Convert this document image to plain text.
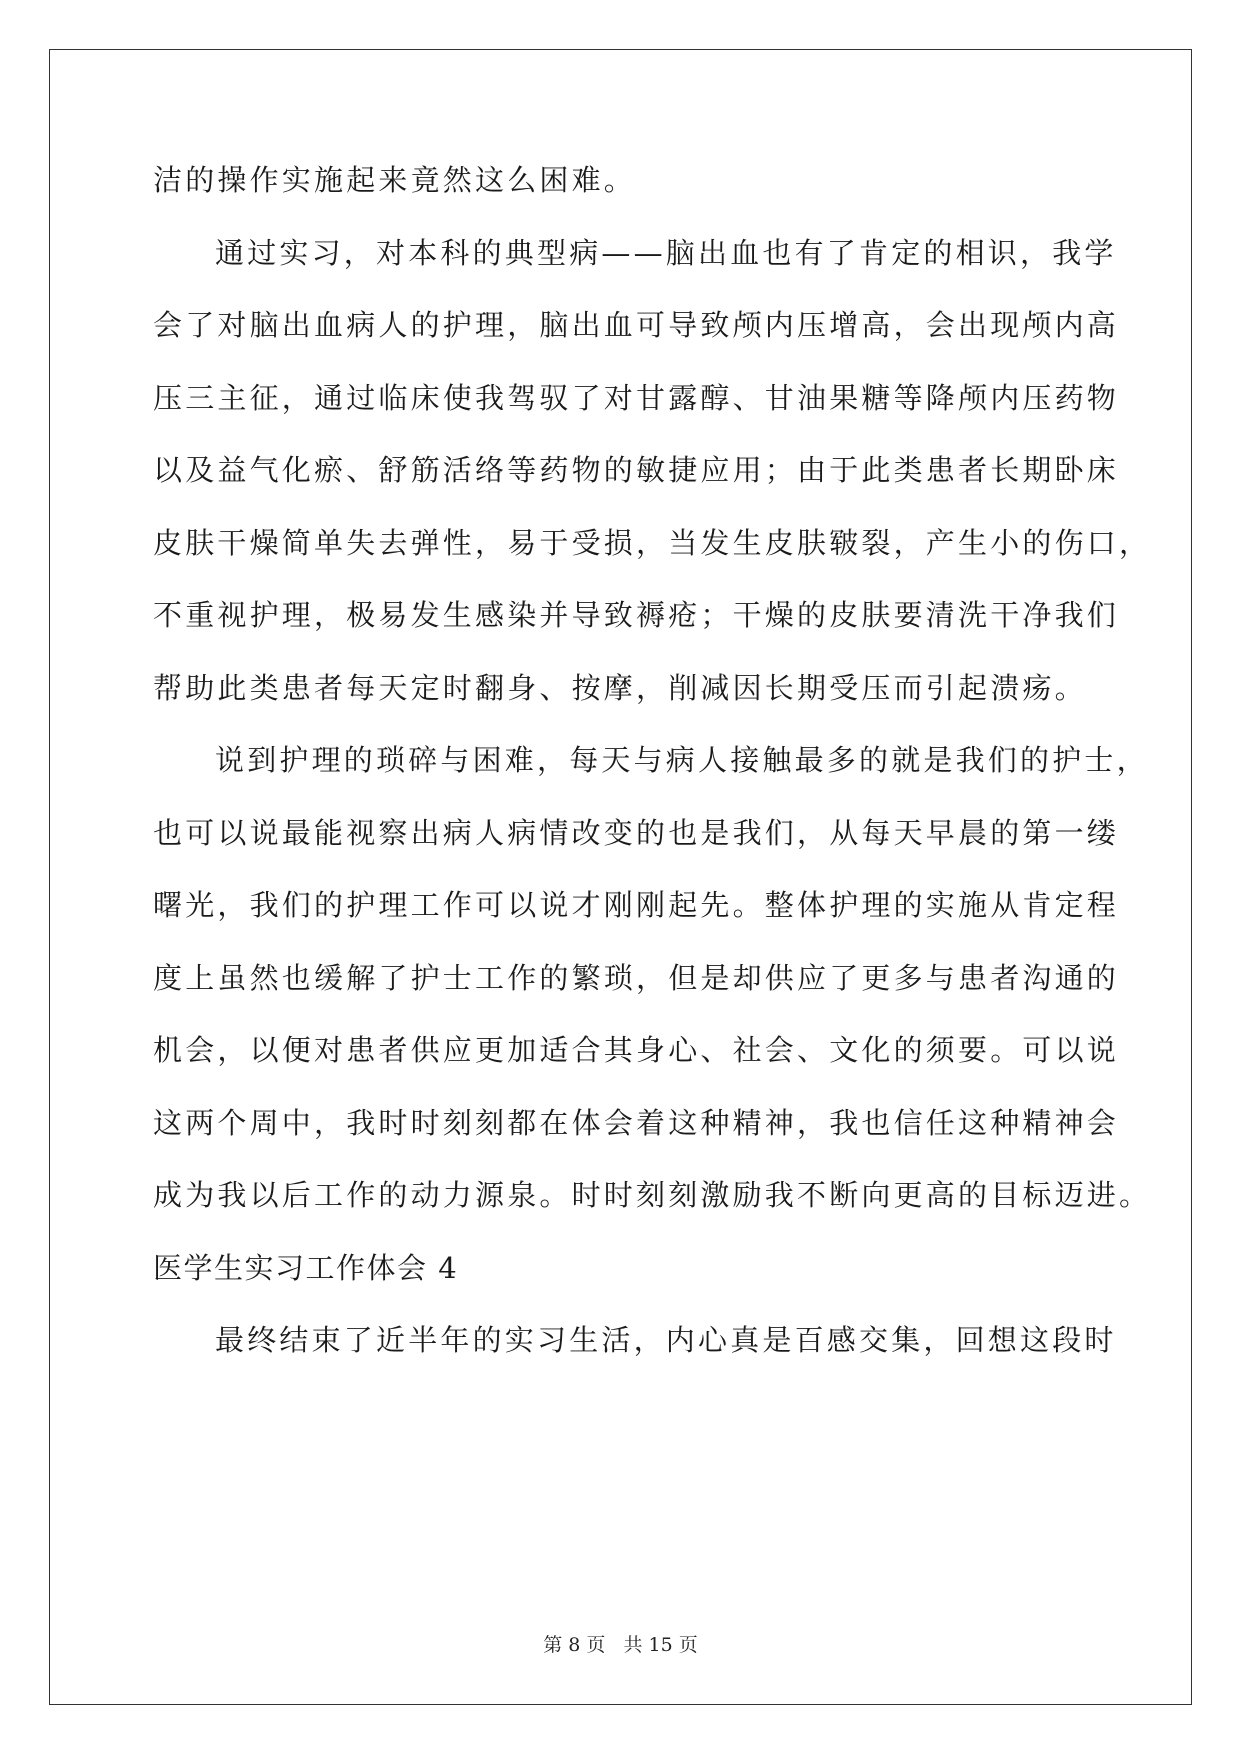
洁的操作实施起来竟然这么困难。
通过实习，对本科的典型病——脑出血也有了肯定的相识，我学
会了对脑出血病人的护理，脑出血可导致颅内压增高，会出现颅内高
压三主征，通过临床使我驾驭了对甘露醇、甘油果糖等降颅内压药物
以及益气化瘀、舒筋活络等药物的敏捷应用；由于此类患者长期卧床
皮肤干燥简单失去弹性，易于受损，当发生皮肤皲裂，产生小的伤口，
不重视护理，极易发生感染并导致褥疮；干燥的皮肤要清洗干净我们
帮助此类患者每天定时翻身、按摩，削减因长期受压而引起溃疡。
说到护理的琐碎与困难，每天与病人接触最多的就是我们的护士，
也可以说最能视察出病人病情改变的也是我们，从每天早晨的第一缕
曙光，我们的护理工作可以说才刚刚起先。整体护理的实施从肯定程
度上虽然也缓解了护士工作的繁琐，但是却供应了更多与患者沟通的
机会，以便对患者供应更加适合其身心、社会、文化的须要。可以说
这两个周中，我时时刻刻都在体会着这种精神，我也信任这种精神会
成为我以后工作的动力源泉。时时刻刻激励我不断向更高的目标迈进。
医学生实习工作体会 4
最终结束了近半年的实习生活，内心真是百感交集，回想这段时
第 8 页 共 15 页
